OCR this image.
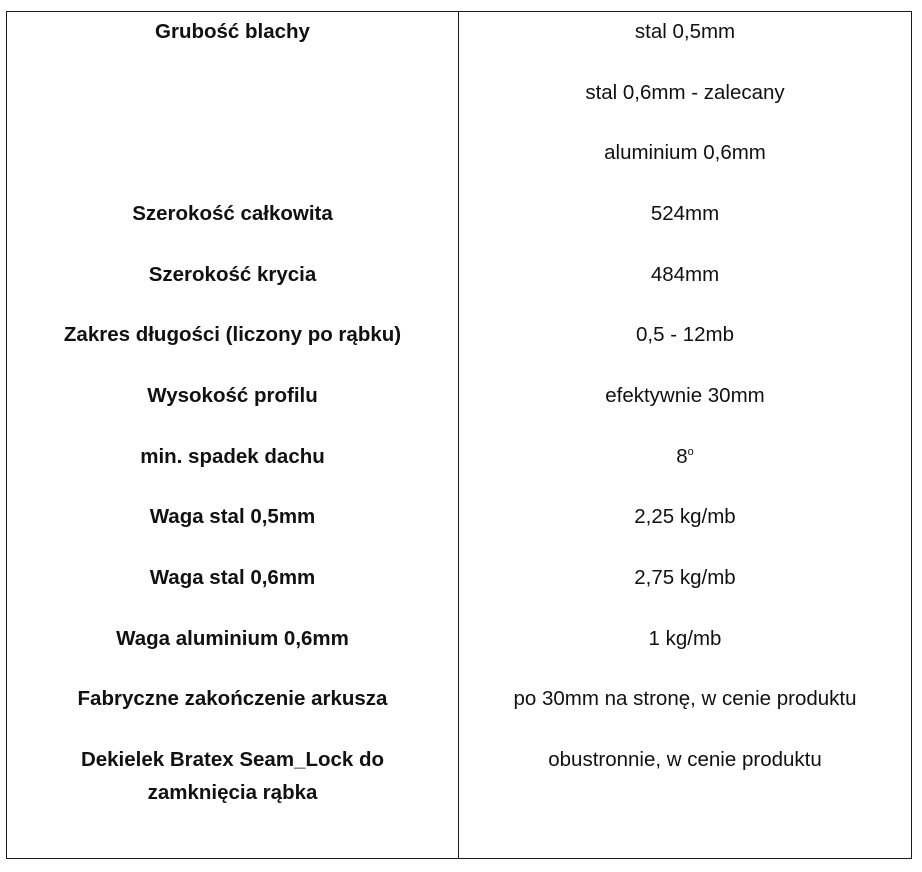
Grubość blachy
Szerokość całkowita
Szerokość krycia
Zakres długości (liczony po rąbku)
Wysokość profilu
min. spadek dachu
Waga stal 0,5mm
Waga stal 0,6mm
Waga aluminium 0,6mm
Fabryczne zakończenie arkusza
Dekielek Bratex Seam_Lock do zamknięcia rąbka
stal 0,5mm
stal 0,6mm - zalecany
aluminium 0,6mm
524mm
484mm
0,5 - 12mb
efektywnie 30mm
8$^o$
2,25 kg/mb
2,75 kg/mb
1 kg/mb
po 30mm na stronę, w cenie produktu
obustronnie, w cenie produktu
